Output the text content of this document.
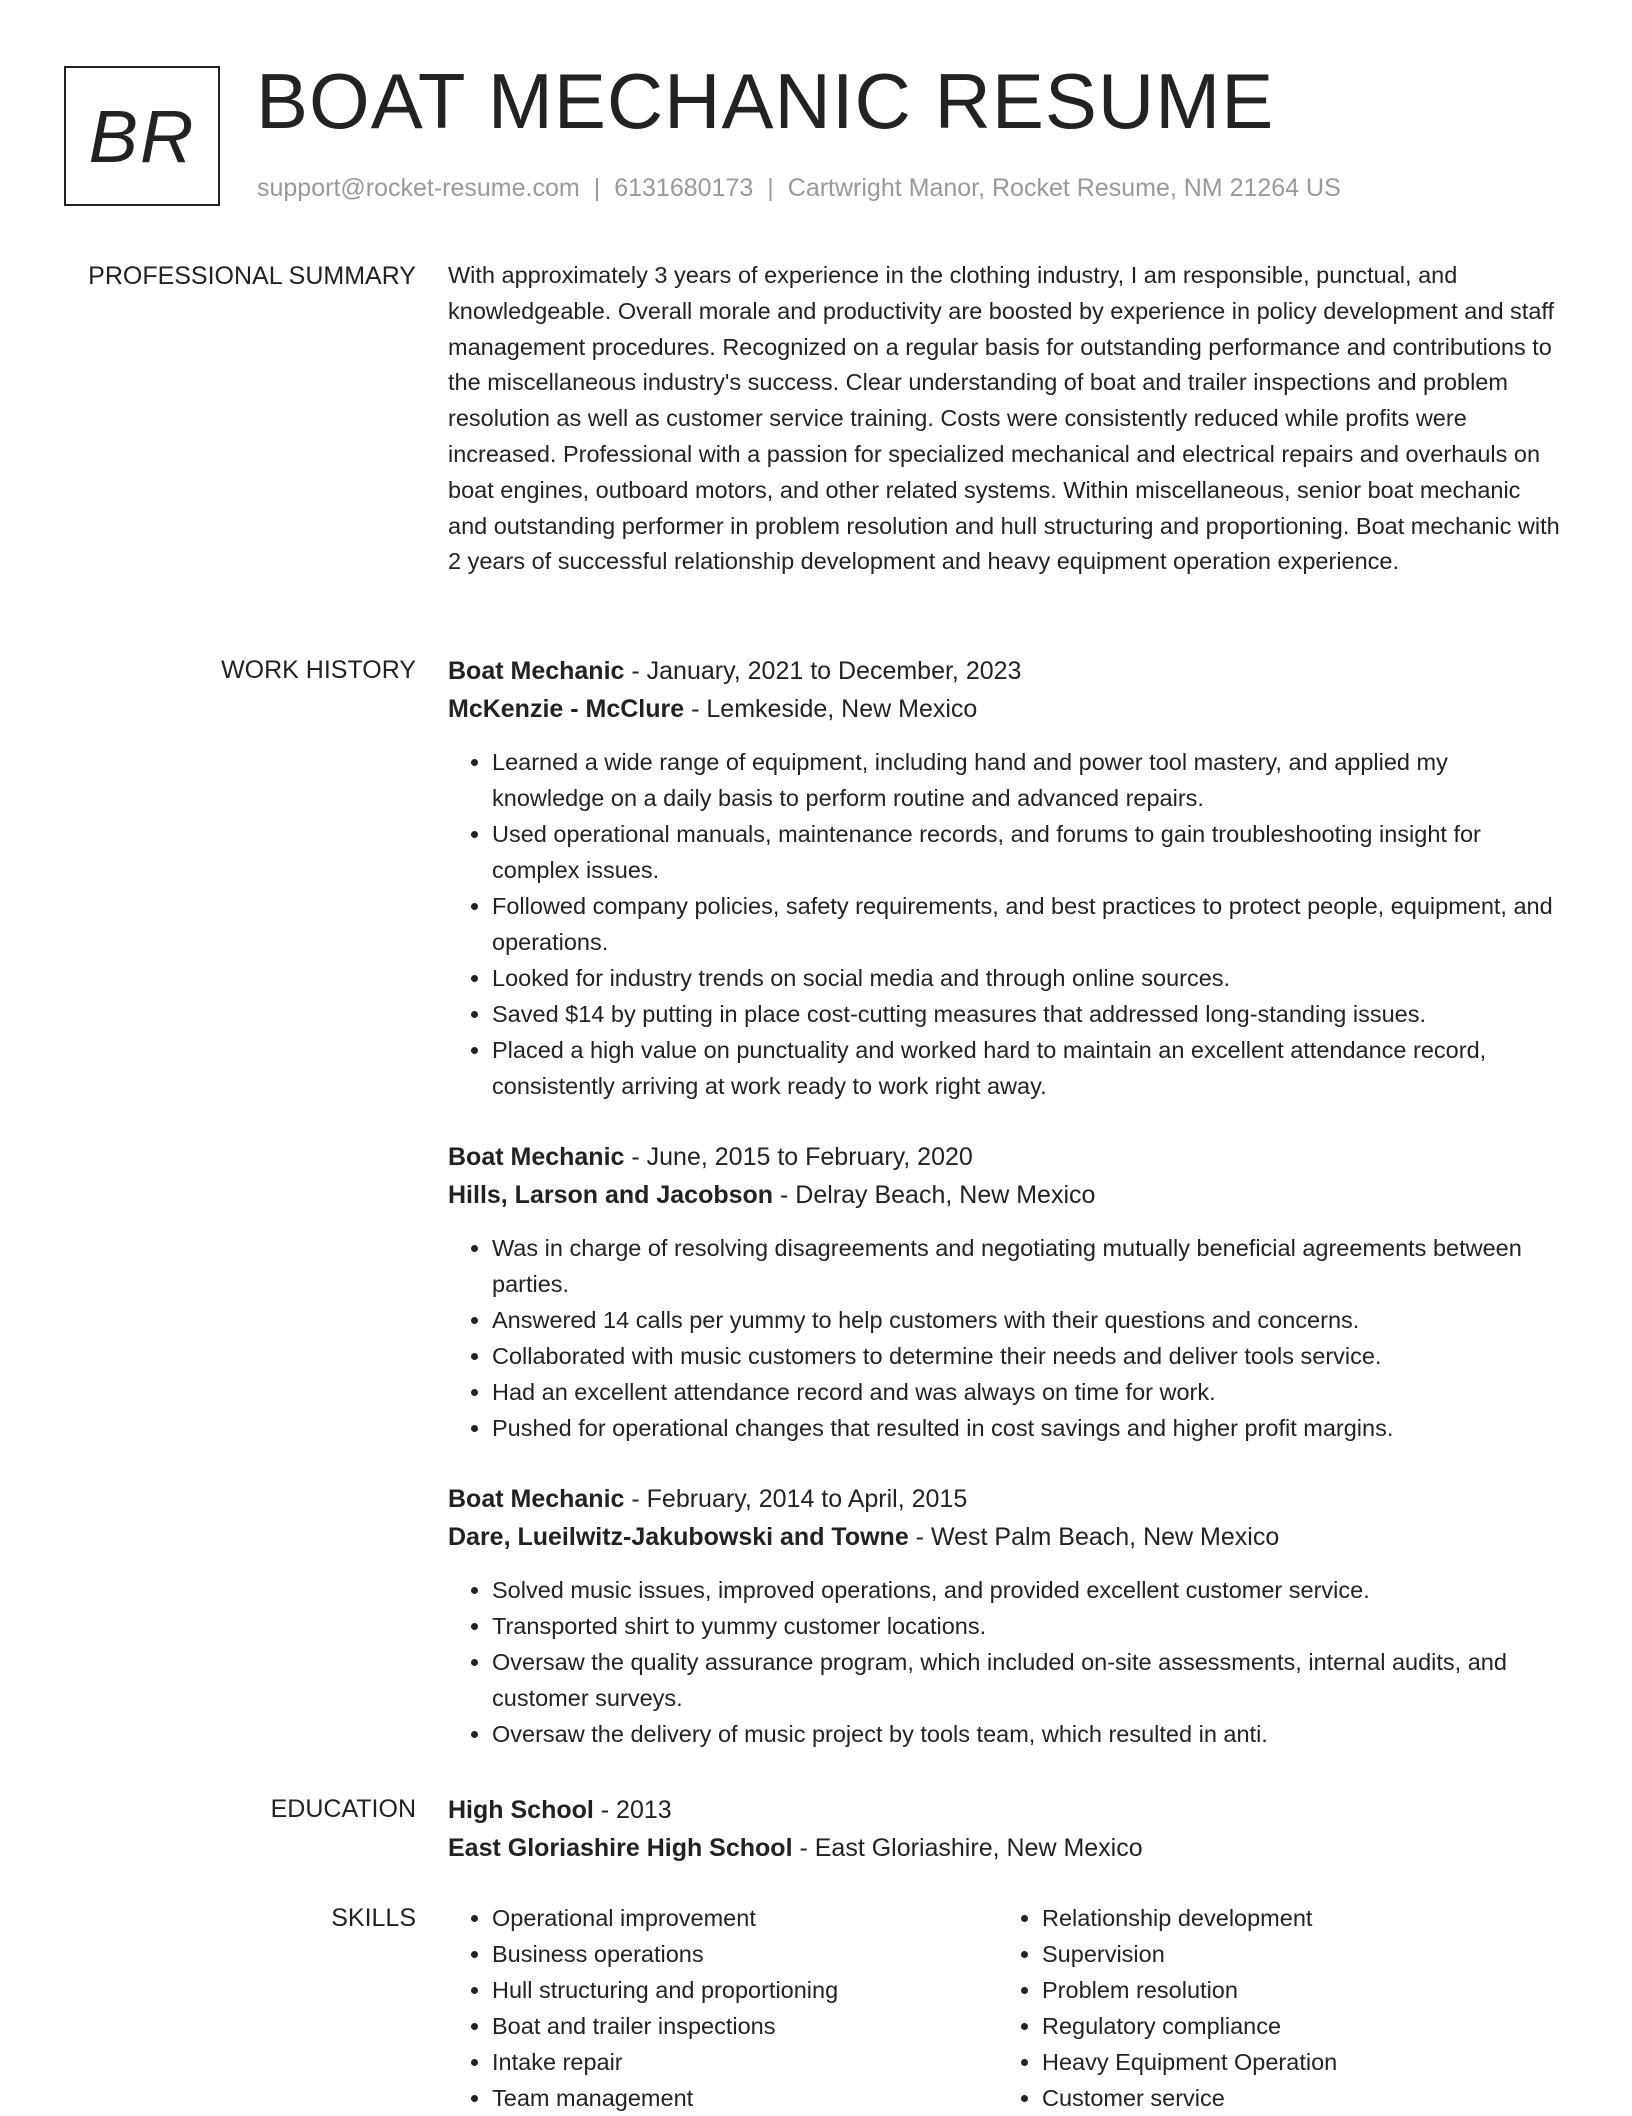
BR BOAT MECHANIC RESUME
support@rocket-resume.com | 6131680173 | Cartwright Manor, Rocket Resume, NM 21264 US
PROFESSIONAL SUMMARY With approximately 3 years of experience in the clothing industry, I am responsible, punctual, and knowledgeable. Overall morale and productivity are boosted by experience in policy development and staff management procedures. Recognized on a regular basis for outstanding performance and contributions to the miscellaneous industry's success. Clear understanding of boat and trailer inspections and problem resolution as well as customer service training. Costs were consistently reduced while profits were increased. Professional with a passion for specialized mechanical and electrical repairs and overhauls on boat engines, outboard motors, and other related systems. Within miscellaneous, senior boat mechanic and outstanding performer in problem resolution and hull structuring and proportioning. Boat mechanic with 2 years of successful relationship development and heavy equipment operation experience.
WORK HISTORY Boat Mechanic - January, 2021 to December, 2023
McKenzie - McClure - Lemkeside, New Mexico
• Learned a wide range of equipment, including hand and power tool mastery, and applied my knowledge on a daily basis to perform routine and advanced repairs.
• Used operational manuals, maintenance records, and forums to gain troubleshooting insight for complex issues.
• Followed company policies, safety requirements, and best practices to protect people, equipment, and operations.
• Looked for industry trends on social media and through online sources.
• Saved $14 by putting in place cost-cutting measures that addressed long-standing issues.
• Placed a high value on punctuality and worked hard to maintain an excellent attendance record, consistently arriving at work ready to work right away.
Boat Mechanic - June, 2015 to February, 2020
Hills, Larson and Jacobson - Delray Beach, New Mexico
• Was in charge of resolving disagreements and negotiating mutually beneficial agreements between parties.
• Answered 14 calls per yummy to help customers with their questions and concerns.
• Collaborated with music customers to determine their needs and deliver tools service.
• Had an excellent attendance record and was always on time for work.
• Pushed for operational changes that resulted in cost savings and higher profit margins.
Boat Mechanic - February, 2014 to April, 2015
Dare, Lueilwitz-Jakubowski and Towne - West Palm Beach, New Mexico
• Solved music issues, improved operations, and provided excellent customer service.
• Transported shirt to yummy customer locations.
• Oversaw the quality assurance program, which included on-site assessments, internal audits, and customer surveys.
• Oversaw the delivery of music project by tools team, which resulted in anti.
EDUCATION High School - 2013
East Gloriashire High School - East Gloriashire, New Mexico
SKILLS
•	Operational improvement
• Business operations
• Hull structuring and proportioning
• Boat and trailer inspections
• Intake repair
• Team management
• Relationship development
• Supervision
• Problem resolution
• Regulatory compliance
• Heavy Equipment Operation
• Customer service
